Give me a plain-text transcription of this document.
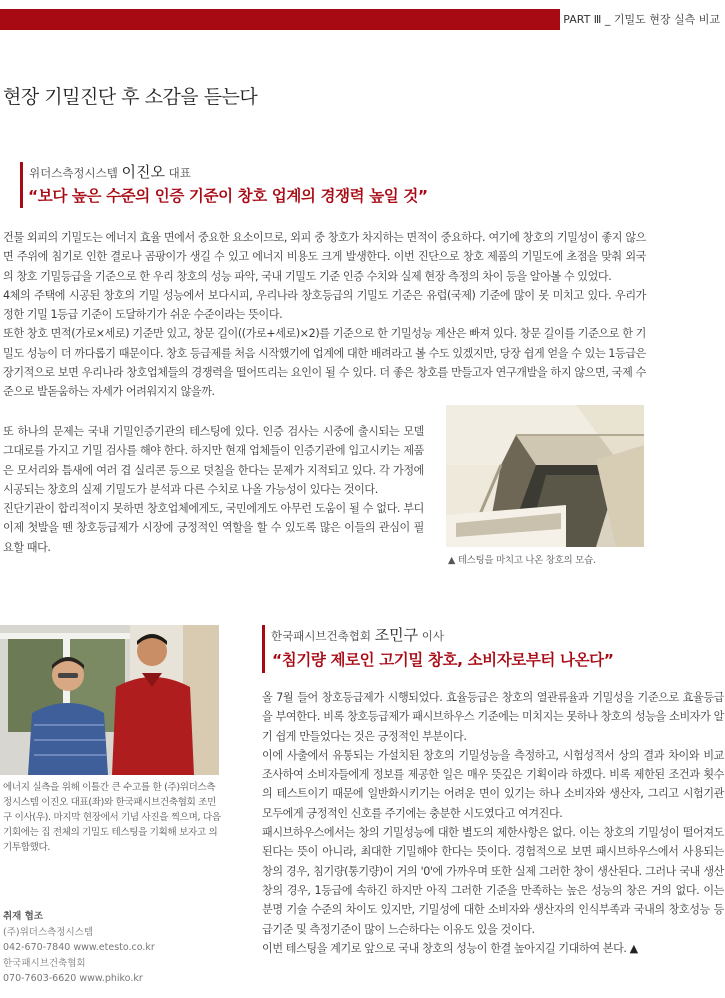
PART Ⅲ _ 기밀도 현장 실측 비교
현장 기밀진단 후 소감을 듣는다
위더스측정시스템 이진오 대표
“보다 높은 수준의 인증 기준이 창호 업계의 경쟁력 높일 것”

건물 외피의 기밀도는 에너지 효율 면에서 중요한 요소이므로, 외피 중 창호가 차지하는 면적이 중요하다. 여기에 창호의 기밀성이 좋지 않으면 주위에 침기로 인한 결로나 곰팡이가 생길 수 있고 에너지 비용도 크게 발생한다. 이번 진단으로 창호 제품의 기밀도에 초점을 맞춰 외국의 창호 기밀등급을 기준으로 한 우리 창호의 성능 파악, 국내 기밀도 기준 인증 수치와 실제 현장 측정의 차이 등을 알아볼 수 있었다.

4체의 주택에 시공된 창호의 기밀 성능에서 보다시피, 우리나라 창호등급의 기밀도 기준은 유럽(국제) 기준에 많이 못 미치고 있다. 우리가 정한 기밀 1등급 기준이 도달하기가 쉬운 수준이라는 뜻이다.

또한 창호 면적(가로×세로) 기준만 있고, 창문 길이((가로+세로)×2)를 기준으로 한 기밀성능 계산은 빠져 있다. 창문 길이를 기준으로 한 기밀도 성능이 더 까다롭기 때문이다. 창호 등급제를 처음 시작했기에 업계에 대한 배려라고 볼 수도 있겠지만, 당장 쉽게 얻을 수 있는 1등급은 장기적으로 보면 우리나라 창호업체들의 경쟁력을 떨어뜨리는 요인이 될 수 있다. 더 좋은 창호를 만들고자 연구개발을 하지 않으면, 국제 수준으로 발돋움하는 자세가 어려워지지 않을까.

또 하나의 문제는 국내 기밀인증기관의 테스팅에 있다. 인증 검사는 시중에 출시되는 모델 그대로를 가지고 기밀 검사를 해야 한다. 하지만 현재 업체들이 인증기관에 입고시키는 제품은 모서리와 틈새에 여러 겹 실리콘 등으로 덧칠을 한다는 문제가 지적되고 있다. 각 가정에 시공되는 창호의 실제 기밀도가 분석과 다른 수치로 나올 가능성이 있다는 것이다.

진단기관이 합리적이지 못하면 창호업체에게도, 국민에게도 아무런 도움이 될 수 없다. 부디 이제 첫발을 뗀 창호등급제가 시장에 긍정적인 역할을 할 수 있도록 많은 이들의 관심이 필요할 때다.

▲ 테스팅을 마치고 나온 창호의 모습.
에너지 실측을 위해 이틀간 큰 수고를 한 (주)위더스측정시스템 이진오 대표(좌)와 한국패시브건축협회 조민구 이사(우). 마지막 현장에서 기념 사진을 찍으며, 다음 기회에는 집 전체의 기밀도 테스팅을 기획해 보자고 의기투합했다.
한국패시브건축협회 조민구 이사
“침기량 제로인 고기밀 창호, 소비자로부터 나온다”

올 7월 들어 창호등급제가 시행되었다. 효율등급은 창호의 열관류율과 기밀성을 기준으로 효율등급을 부여한다. 비록 창호등급제가 패시브하우스 기준에는 미치지는 못하나 창호의 성능을 소비자가 알기 쉽게 만들었다는 것은 긍정적인 부분이다.

이에 사출에서 유통되는 가설치된 창호의 기밀성능을 측정하고, 시험성적서 상의 결과 차이와 비교 조사하여 소비자들에게 정보를 제공한 일은 매우 뜻깊은 기획이라 하겠다. 비록 제한된 조건과 횟수의 테스트이기 때문에 일반화시키기는 어려운 면이 있기는 하나 소비자와 생산자, 그리고 시험기관 모두에게 긍정적인 신호를 주기에는 충분한 시도였다고 여겨진다.

패시브하우스에서는 창의 기밀성능에 대한 별도의 제한사항은 없다. 이는 창호의 기밀성이 떨어져도 된다는 뜻이 아니라, 최대한 기밀해야 한다는 뜻이다. 경험적으로 보면 패시브하우스에서 사용되는 창의 경우, 침기량(통기량)이 거의 '0'에 가까우며 또한 실제 그러한 창이 생산된다. 그러나 국내 생산 창의 경우, 1등급에 속하긴 하지만 아직 그러한 기준을 만족하는 높은 성능의 창은 거의 없다. 이는 분명 기술 수준의 차이도 있지만, 기밀성에 대한 소비자와 생산자의 인식부족과 국내의 창호성능 등급기준 및 측정기준이 많이 느슨하다는 이유도 있을 것이다.

이번 테스팅을 계기로 앞으로 국내 창호의 성능이 한결 높아지길 기대하여 본다. ▲

취재 협조
(주)위더스측정시스템
042-670-7840 www.etesto.co.kr
한국패시브건축협회
070-7603-6620 www.phiko.kr
